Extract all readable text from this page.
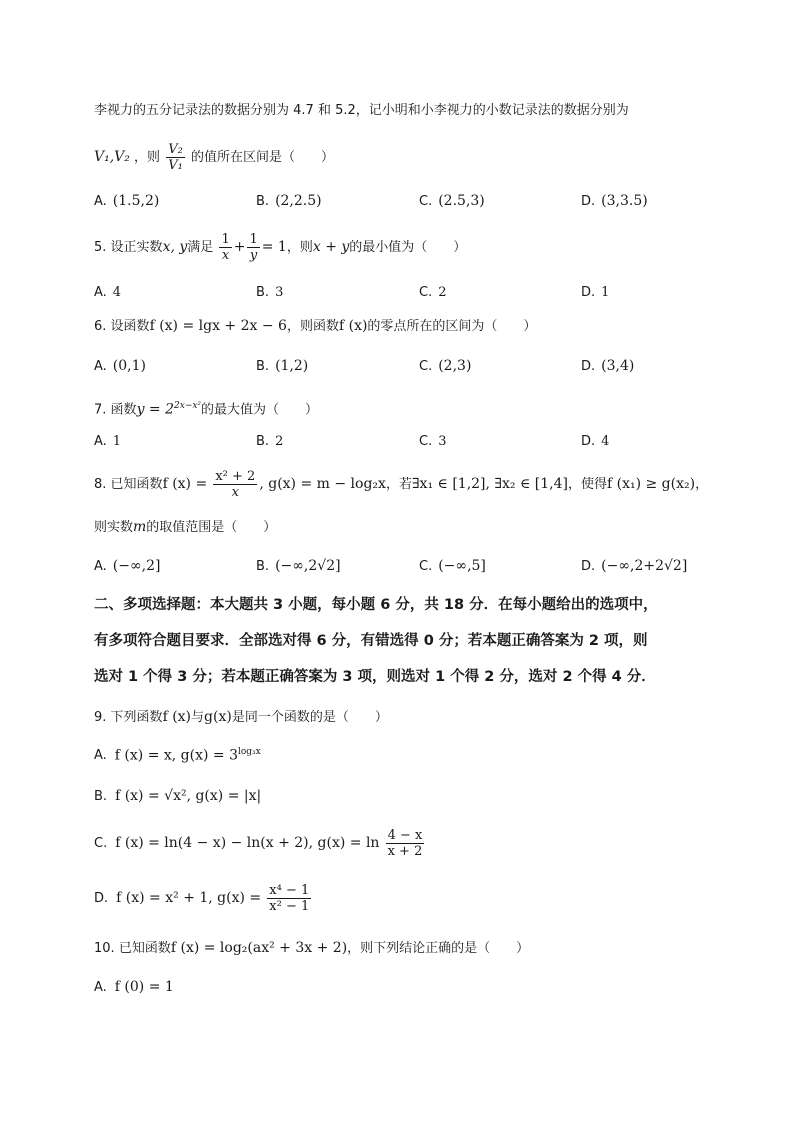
李视力的五分记录法的数据分别为 4.7 和 5.2，记小明和小李视力的小数记录法的数据分别为
V₁,V₂ ，则 $\frac{\text{V₂}}{\text{V₁}}$ 的值所在区间是（　　）
A. (1.5,2)	B. (2,2.5)	C. (2.5,3)	D. (3,3.5)
5. 设正实数x, y满足 $\frac{1}{x} + \frac{1}{y} = 1$，则x + y的最小值为（　　）
A. 4	B. 3	C. 2	D. 1
6. 设函数f (x) = lgx + 2x − 6，则函数f (x)的零点所在的区间为（　　）
A. (0,1)	B. (1,2)	C. (2,3)	D. (3,4)
7. 函数$y = 2^{2x-x^2}$的最大值为（　　）
A. 1	B. 2	C. 3	D. 4
8. 已知函数f $(x) = \frac{\text{x² + 2}}{x}$ , g(x) = m − log₂x，若∃x₁ ∈ [1,2], ∃x₂ ∈ [1,4]，使得f (x₁) ≥ g(x₂)，
则实数m的取值范围是（　　）
A. (−∞,2]	B. (−∞,2√2]	C. (−∞,5]	D. (−∞,2+2√2]
二、多项选择题：本大题共 3 小题，每小题 6 分，共 18 分．在每小题给出的选项中，
有多项符合题目要求．全部选对得 6 分，有错选得 0 分；若本题正确答案为 2 项，则
选对 1 个得 3 分；若本题正确答案为 3 项，则选对 1 个得 2 分，选对 2 个得 4 分．
9. 下列函数f (x)与g(x)是同一个函数的是（　　）
A. f (x) = x, $g(x) = 3^{log_3x}$
B. f (x) = √x², g(x) = |x|
C. f (x) = ln(4 − x) − ln(x + 2), $g(x) = \ln \frac{4 - x}{x + 2}$
D. f (x) = x² + 1, $g(x) = \frac{\text{x⁴ − 1}}{\text{x² − 1}}$
10. 已知函数f (x) = log₂(ax² + 3x + 2)，则下列结论正确的是（　　）
A. f (0) = 1
